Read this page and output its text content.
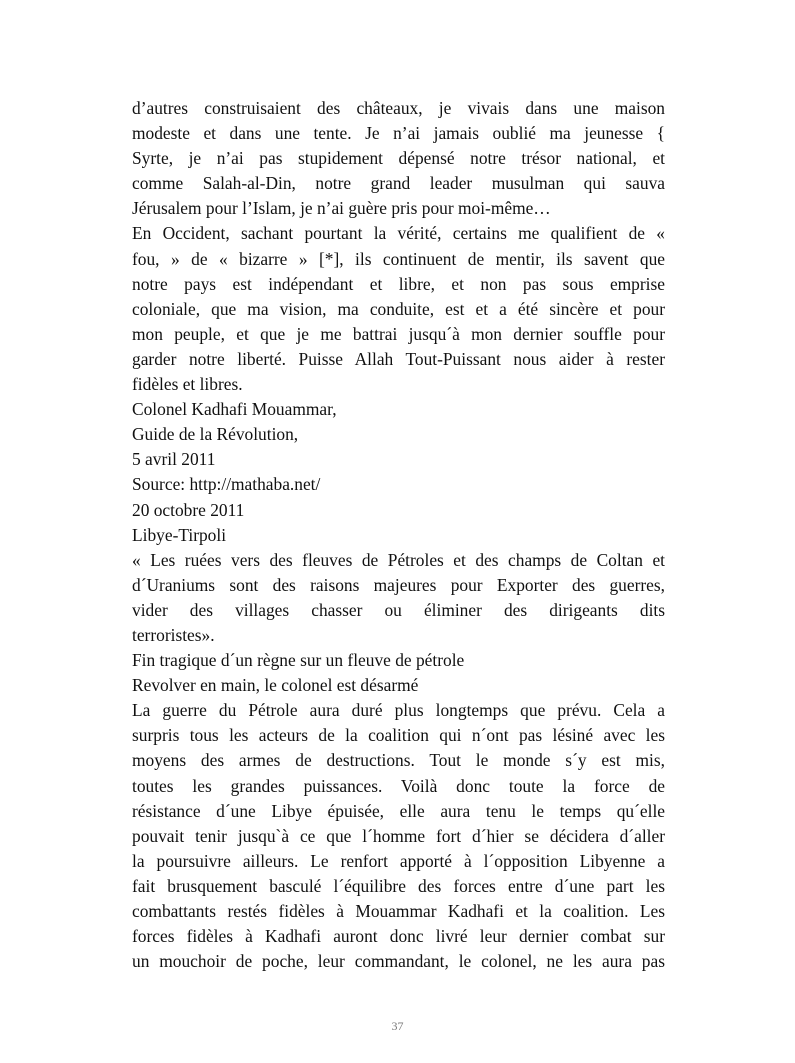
d’autres construisaient des châteaux, je vivais dans une maison
modeste et dans une tente. Je n’ai jamais oublié ma jeunesse {
Syrte, je n’ai pas stupidement dépensé notre trésor national, et
comme Salah-al-Din, notre grand leader musulman qui sauva
Jérusalem pour l’Islam, je n’ai guère pris pour moi-même…
En Occident, sachant pourtant la vérité, certains me qualifient de «
fou, » de « bizarre » [*], ils continuent de mentir, ils savent que
notre pays est indépendant et libre, et non pas sous emprise
coloniale, que ma vision, ma conduite, est et a été sincère et pour
mon peuple, et que je me battrai jusqu´à mon dernier souffle pour
garder notre liberté. Puisse Allah Tout-Puissant nous aider à rester
fidèles et libres.
Colonel Kadhafi Mouammar,
Guide de la Révolution,
5 avril 2011
Source: http://mathaba.net/
20 octobre 2011
Libye-Tirpoli
« Les ruées vers des fleuves de Pétroles et des champs de Coltan et
d´Uraniums sont des raisons majeures pour Exporter des guerres,
vider des villages chasser ou éliminer des dirigeants dits
terroristes».
Fin tragique d´un règne sur un fleuve de pétrole
Revolver en main, le colonel est désarmé
La guerre du Pétrole aura duré plus longtemps que prévu. Cela a
surpris tous les acteurs de la coalition qui n´ont pas lésiné avec les
moyens des armes de destructions. Tout le monde s´y est mis,
toutes les grandes puissances. Voilà donc toute la force de
résistance d´une Libye épuisée, elle aura tenu le temps qu´elle
pouvait tenir jusqu`à ce que l´homme fort d´hier se décidera d´aller
la poursuivre ailleurs. Le renfort apporté à l´opposition Libyenne a
fait brusquement basculé l´équilibre des forces entre d´une part les
combattants restés fidèles à Mouammar Kadhafi et la coalition. Les
forces fidèles à Kadhafi auront donc livré leur dernier combat sur
un mouchoir de poche, leur commandant, le colonel, ne les aura pas
37
